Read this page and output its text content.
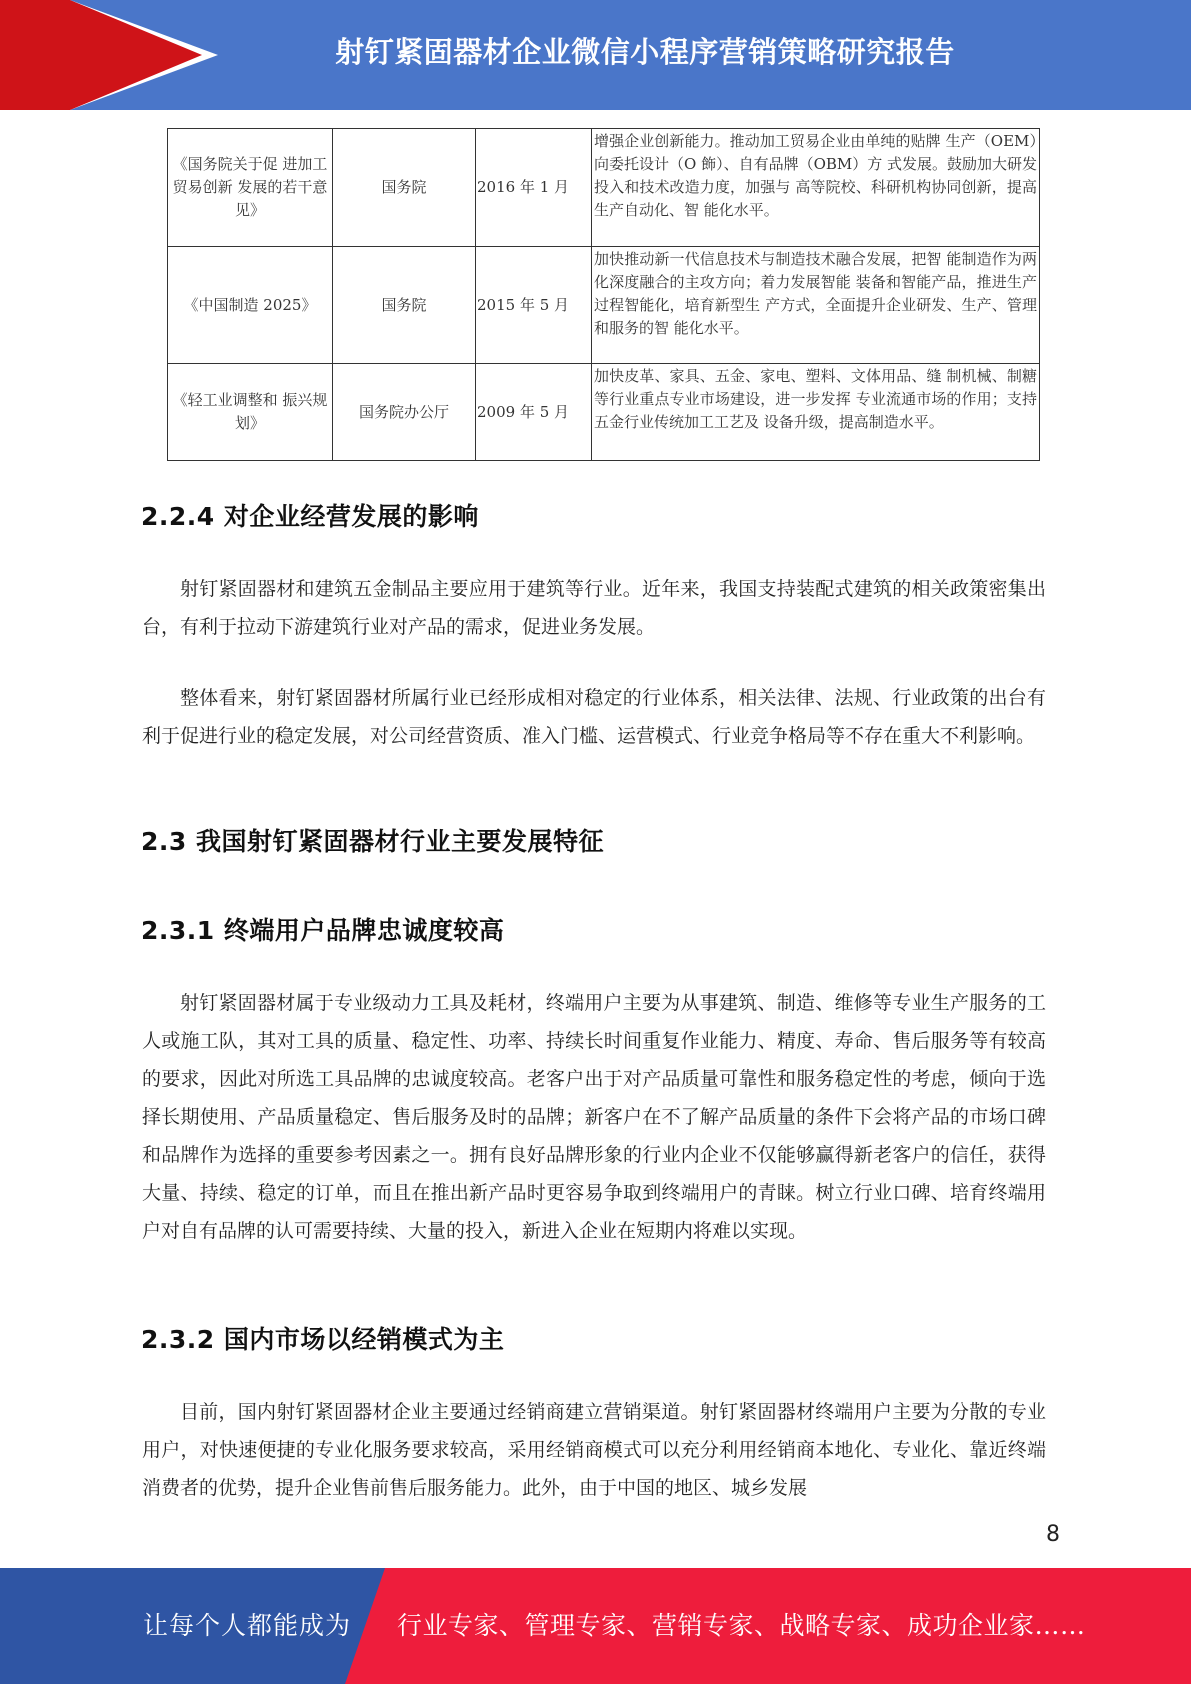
射钉紧固器材企业微信小程序营销策略研究报告
《国务院关于促 进加工贸易创新 发展的若干意见》	国务院	2016 年 1 月	增强企业创新能力。推动加工贸易企业由单纯的贴牌 生产（OEM）向委托设计（O 飾）、自有品牌（OBM）方 式发展。鼓励加大研发投入和技术改造力度，加强与 高等院校、科研机构协同创新，提高生产自动化、智 能化水平。
《中国制造 2025》	国务院	2015 年 5 月	加快推动新一代信息技术与制造技术融合发展，把智 能制造作为两化深度融合的主攻方向；着力发展智能 装备和智能产品，推进生产过程智能化，培育新型生 产方式，全面提升企业研发、生产、管理和服务的智 能化水平。
《轻工业调整和 振兴规划》	国务院办公厅	2009 年 5 月	加快皮革、家具、五金、家电、塑料、文体用品、缝 制机械、制糖等行业重点专业市场建设，进一步发挥 专业流通市场的作用；支持五金行业传统加工工艺及 设备升级，提高制造水平。
2.2.4 对企业经营发展的影响

射钉紧固器材和建筑五金制品主要应用于建筑等行业。近年来，我国支持装配式建筑的相关政策密集出台，有利于拉动下游建筑行业对产品的需求，促进业务发展。

整体看来，射钉紧固器材所属行业已经形成相对稳定的行业体系，相关法律、法规、行业政策的出台有利于促进行业的稳定发展，对公司经营资质、准入门槛、运营模式、行业竞争格局等不存在重大不利影响。

2.3 我国射钉紧固器材行业主要发展特征
2.3.1 终端用户品牌忠诚度较高

射钉紧固器材属于专业级动力工具及耗材，终端用户主要为从事建筑、制造、维修等专业生产服务的工人或施工队，其对工具的质量、稳定性、功率、持续长时间重复作业能力、精度、寿命、售后服务等有较高的要求，因此对所选工具品牌的忠诚度较高。老客户出于对产品质量可靠性和服务稳定性的考虑，倾向于选择长期使用、产品质量稳定、售后服务及时的品牌；新客户在不了解产品质量的条件下会将产品的市场口碑和品牌作为选择的重要参考因素之一。拥有良好品牌形象的行业内企业不仅能够赢得新老客户的信任，获得大量、持续、稳定的订单，而且在推出新产品时更容易争取到终端用户的青睐。树立行业口碑、培育终端用户对自有品牌的认可需要持续、大量的投入，新进入企业在短期内将难以实现。

2.3.2 国内市场以经销模式为主

目前，国内射钉紧固器材企业主要通过经销商建立营销渠道。射钉紧固器材终端用户主要为分散的专业用户，对快速便捷的专业化服务要求较高，采用经销商模式可以充分利用经销商本地化、专业化、靠近终端消费者的优势，提升企业售前售后服务能力。此外，由于中国的地区、城乡发展

8
让每个人都能成为 行业专家、管理专家、营销专家、战略专家、成功企业家……
